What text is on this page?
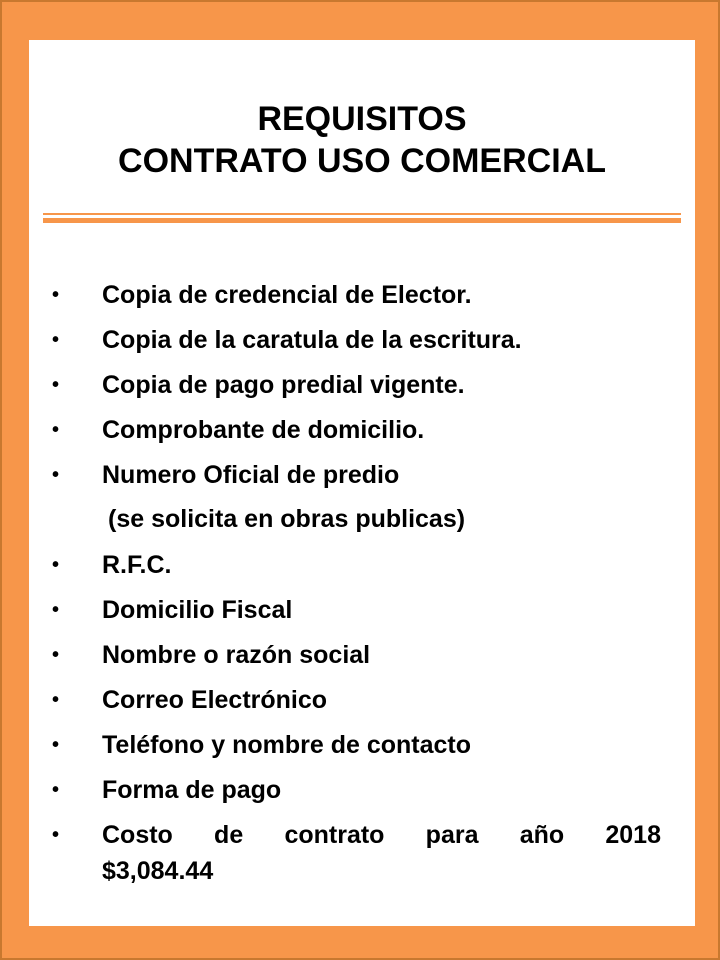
REQUISITOS
CONTRATO USO COMERCIAL
• Copia de credencial de Elector.
• Copia de la caratula de la escritura.
• Copia de pago predial vigente.
• Comprobante de domicilio.
• Numero Oficial de predio
(se solicita en obras publicas)
• R.F.C.
• Domicilio Fiscal
• Nombre o razón social
• Correo Electrónico
• Teléfono y nombre de contacto
• Forma de pago
• Costo de contrato para año 2018
$3,084.44
